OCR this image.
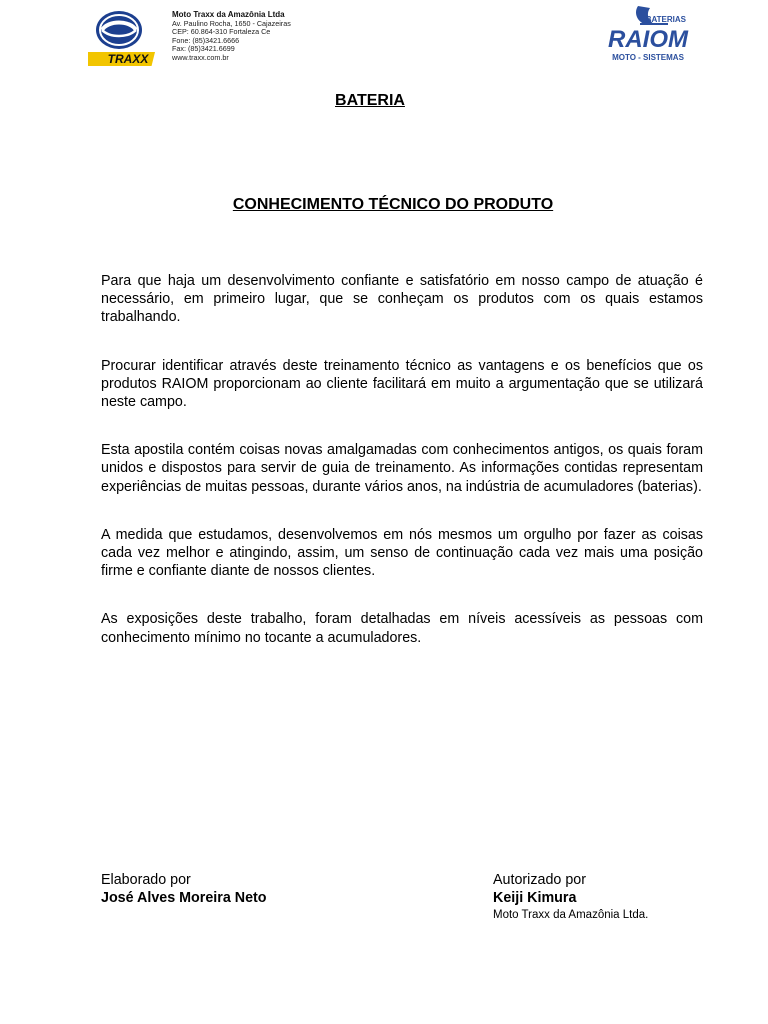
TRAXX
Moto Traxx da Amazônia Ltda
Av. Paulino Rocha, 1650 - Cajazeiras
CEP: 60.864-310 Fortaleza Ce
Fone: (85)3421.6666
Fax: (85)3421.6699
www.traxx.com.br
BATERIAS
RAIOM
MOTO - SISTEMAS
BATERIA
CONHECIMENTO TÉCNICO DO PRODUTO

Para que haja um desenvolvimento confiante e satisfatório em nosso campo de atuação é necessário, em primeiro lugar, que se conheçam os produtos com os quais estamos trabalhando.

Procurar identificar através deste treinamento técnico as vantagens e os benefícios que os produtos RAIOM proporcionam ao cliente facilitará em muito a argumentação que se utilizará neste campo.

Esta apostila contém coisas novas amalgamadas com conhecimentos antigos, os quais foram unidos e dispostos para servir de guia de treinamento. As informações contidas representam experiências de muitas pessoas, durante vários anos, na indústria de acumuladores (baterias).

A medida que estudamos, desenvolvemos em nós mesmos um orgulho por fazer as coisas cada vez melhor e atingindo, assim, um senso de continuação cada vez mais uma posição firme e confiante diante de nossos clientes.

As exposições deste trabalho, foram detalhadas em níveis acessíveis as pessoas com conhecimento mínimo no tocante a acumuladores.

Elaborado por
José Alves Moreira Neto
Autorizado por
Keiji Kimura
Moto Traxx da Amazônia Ltda.
